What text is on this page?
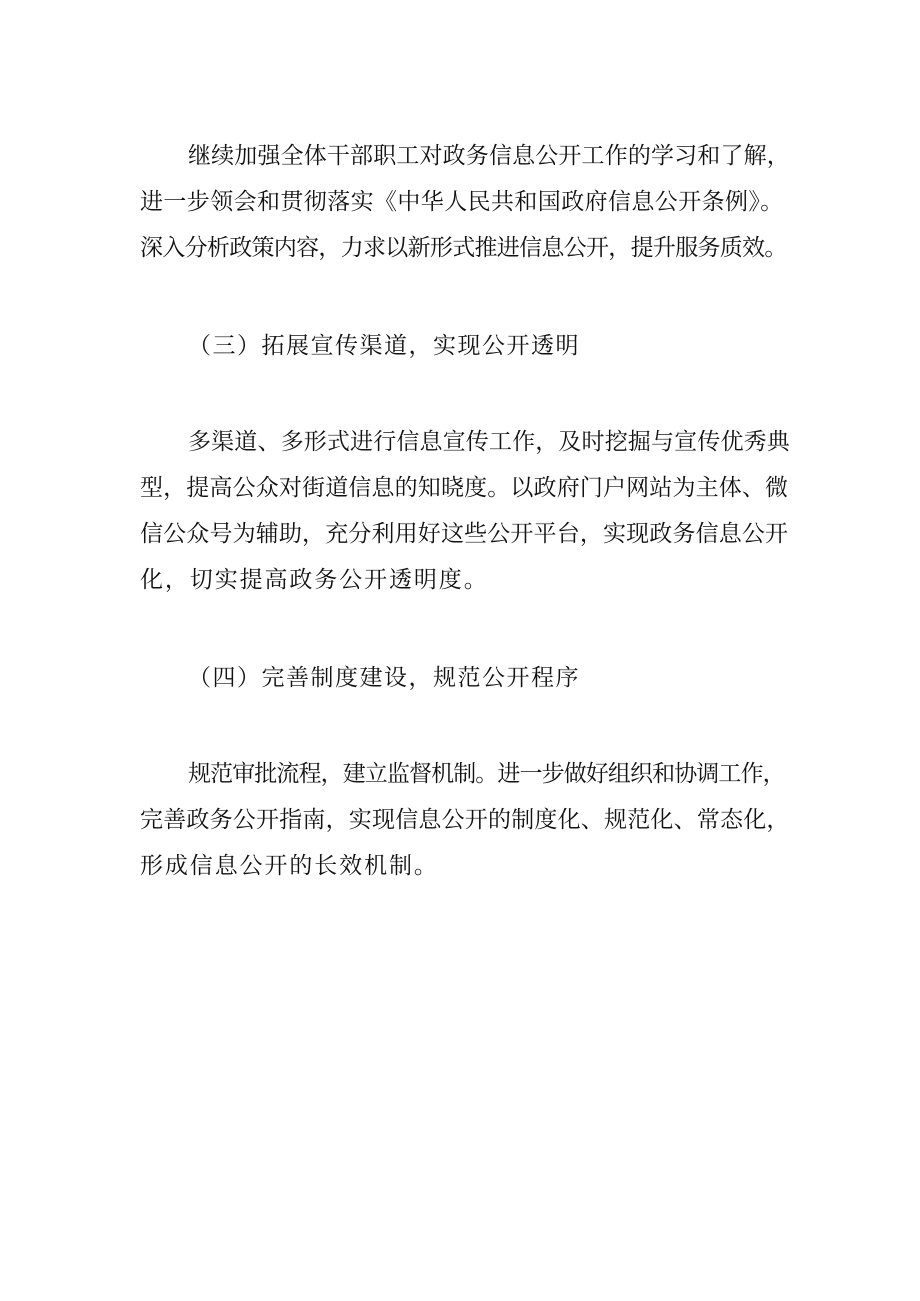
继续加强全体干部职工对政务信息公开工作的学习和了解，
进一步领会和贯彻落实《中华人民共和国政府信息公开条例》。
深入分析政策内容，力求以新形式推进信息公开，提升服务质效。
（三）拓展宣传渠道，实现公开透明
多渠道、多形式进行信息宣传工作，及时挖掘与宣传优秀典
型，提高公众对街道信息的知晓度。以政府门户网站为主体、微
信公众号为辅助，充分利用好这些公开平台，实现政务信息公开
化，切实提高政务公开透明度。
（四）完善制度建设，规范公开程序
规范审批流程，建立监督机制。进一步做好组织和协调工作，
完善政务公开指南，实现信息公开的制度化、规范化、常态化，
形成信息公开的长效机制。
